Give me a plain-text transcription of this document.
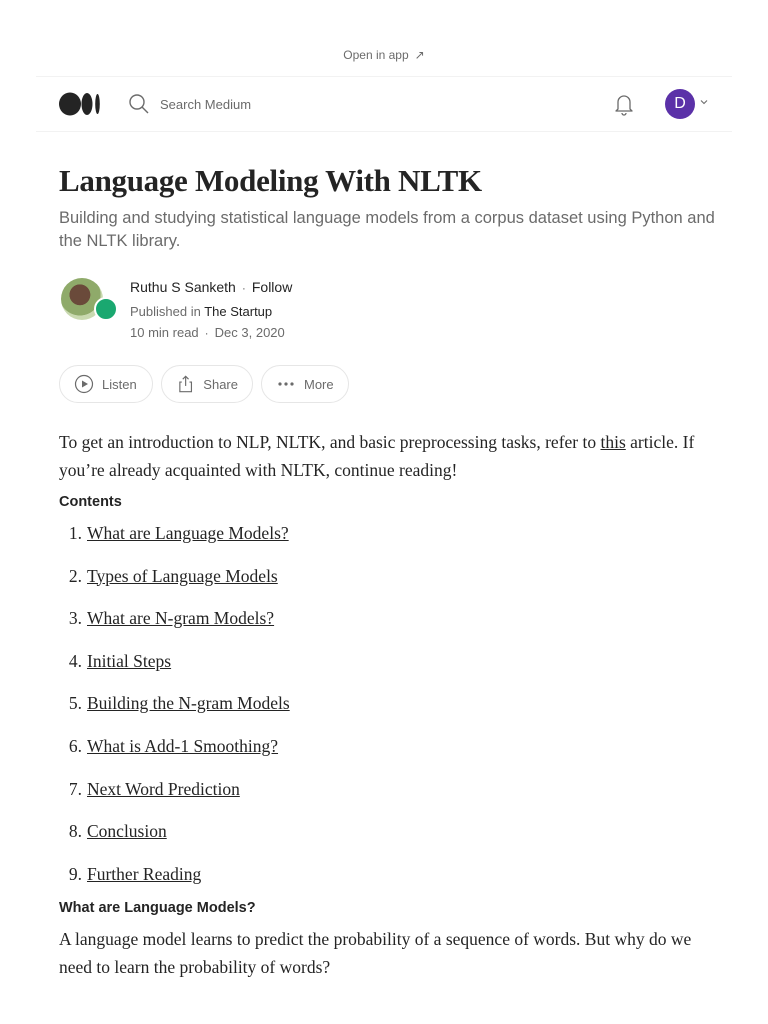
Open in app ↗
Search Medium	D
Language Modeling With NLTK

Building and studying statistical language models from a corpus dataset using Python and the NLTK library.

Ruthu S Sanketh · Follow
Published in The Startup
10 min read · Dec 3, 2020
Listen	Share	More

To get an introduction to NLP, NLTK, and basic preprocessing tasks, refer to this article. If you’re already acquainted with NLTK, continue reading!

Contents
1. What are Language Models?
2. Types of Language Models
3. What are N-gram Models?
4. Initial Steps
5. Building the N-gram Models
6. What is Add-1 Smoothing?
7. Next Word Prediction
8. Conclusion
9. Further Reading
What are Language Models?

A language model learns to predict the probability of a sequence of words. But why do we need to learn the probability of words?
